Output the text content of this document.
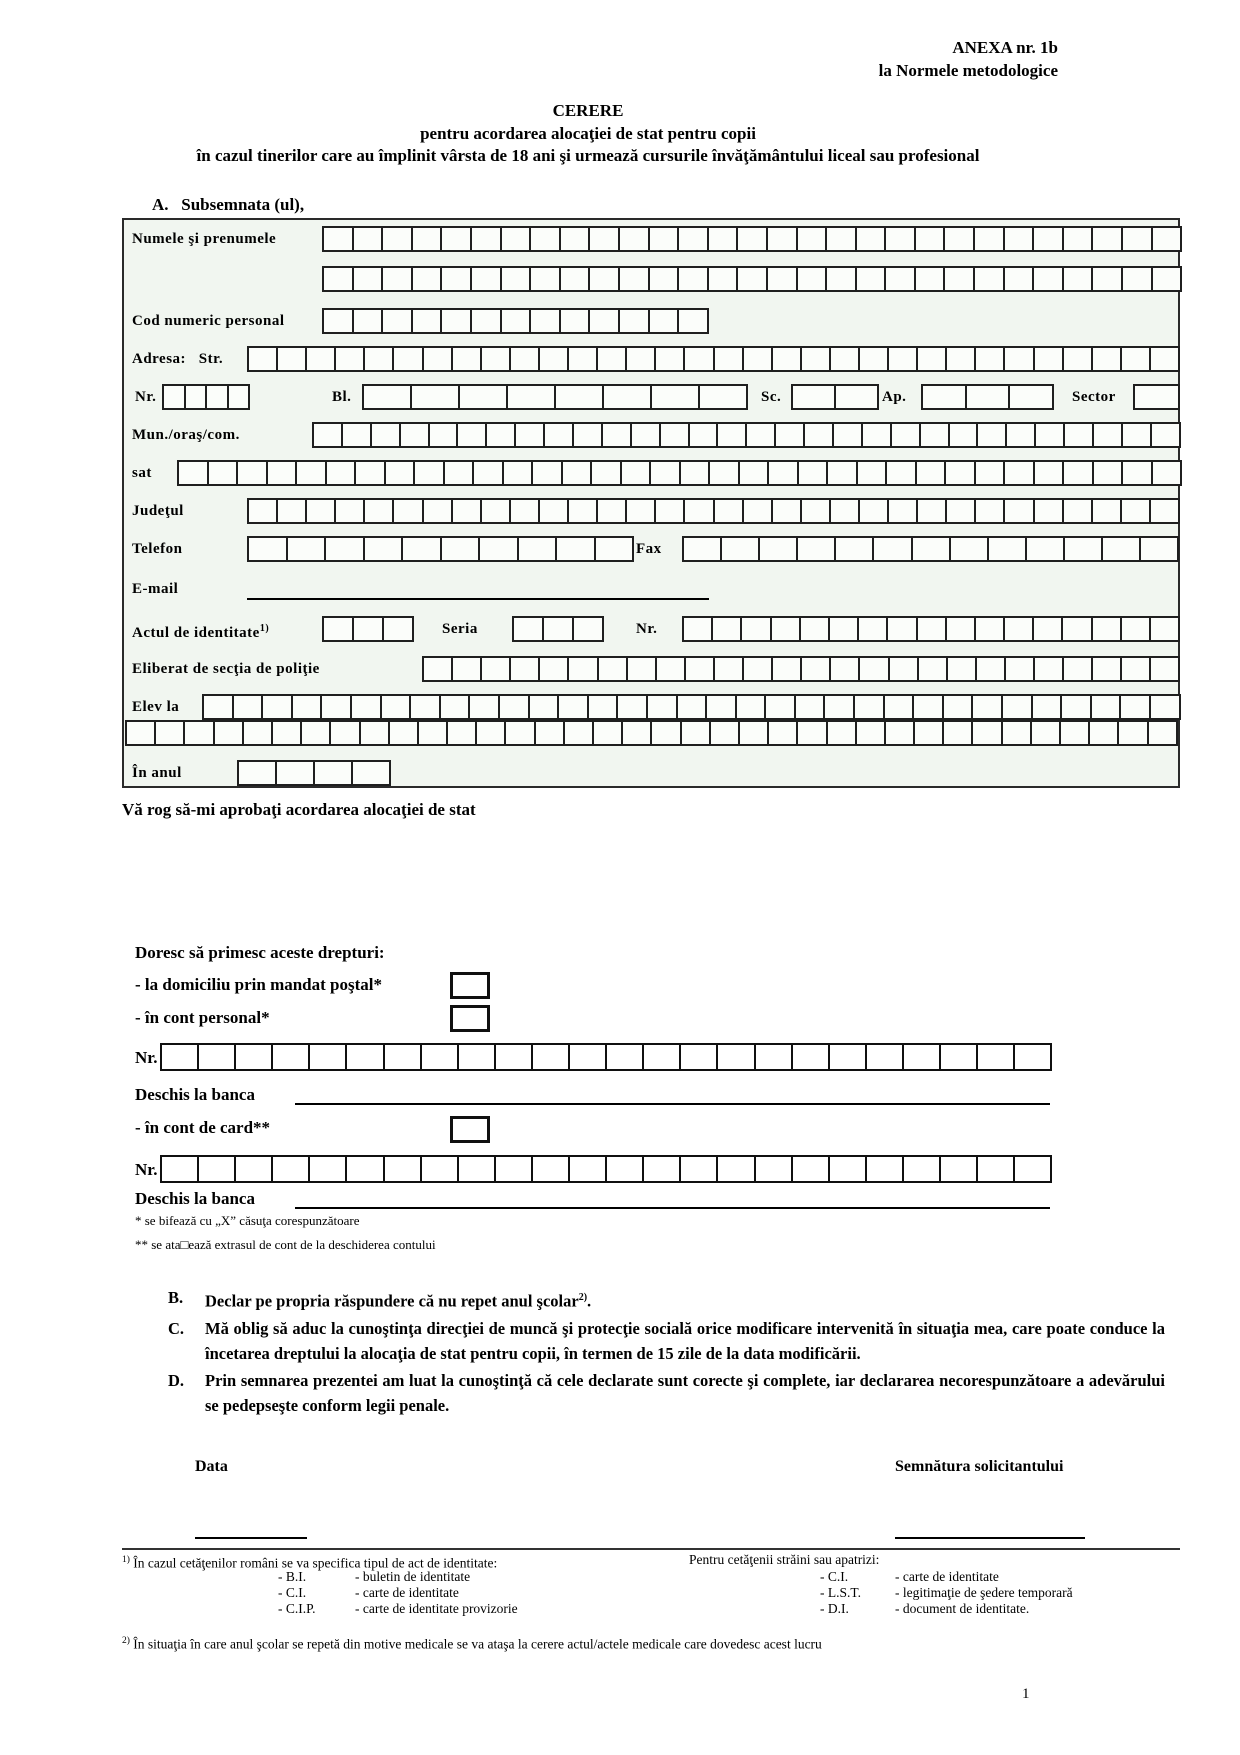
ANEXA nr. 1b
la Normele metodologice
CERERE
pentru acordarea alocaţiei de stat pentru copii
în cazul tinerilor care au împlinit vârsta de 18 ani şi urmează cursurile învăţământului liceal sau profesional
A.   Subsemnata (ul),
Numele şi prenumele
Cod numeric personal
Adresa:   Str.
Nr.	Bl.	Sc.	Ap.	Sector
Mun./oraş/com.
sat
Judeţul
Telefon	Fax
E-mail
Actul de identitate$^{1)}$	Seria	Nr.
Eliberat de secţia de poliţie
Elev la
În anul
Vă rog să-mi aprobaţi acordarea alocaţiei de stat
Doresc să primesc aceste drepturi:
- la domiciliu prin mandat poştal*
- în cont personal*
Nr.
Deschis la banca
- în cont de card**
Nr.
Deschis la banca
* se bifează cu „X” căsuţa corespunzătoare
** se ata□ează extrasul de cont de la deschiderea contului

B. Declar pe propria răspundere că nu repet anul şcolar$^{2)}$.

C. Mă oblig să aduc la cunoştinţa direcţiei de muncă şi protecţie socială orice modificare intervenită în situaţia mea, care poate conduce la încetarea dreptului la alocaţia de stat pentru copii, în termen de 15 zile de la data modificării.

D. Prin semnarea prezentei am luat la cunoştinţă că cele declarate sunt corecte şi complete, iar declararea necorespunzătoare a adevărului se pedepseşte conform legii penale.

Data	Semnătura solicitantului
$^{1)}$ În cazul cetăţenilor români se va specifica tipul de act de identitate:	Pentru cetăţenii străini sau apatrizi:
$^{2)}$ În situaţia în care anul şcolar se repetă din motive medicale se va ataşa la cerere actul/actele medicale care dovedesc acest lucru
1
- B.I.	- buletin de identitate
- C.I.	- carte de identitate
- C.I.P.	- carte de identitate provizorie
- C.I.	- carte de identitate
- L.S.T.	- legitimaţie de şedere temporară
- D.I.	- document de identitate.
